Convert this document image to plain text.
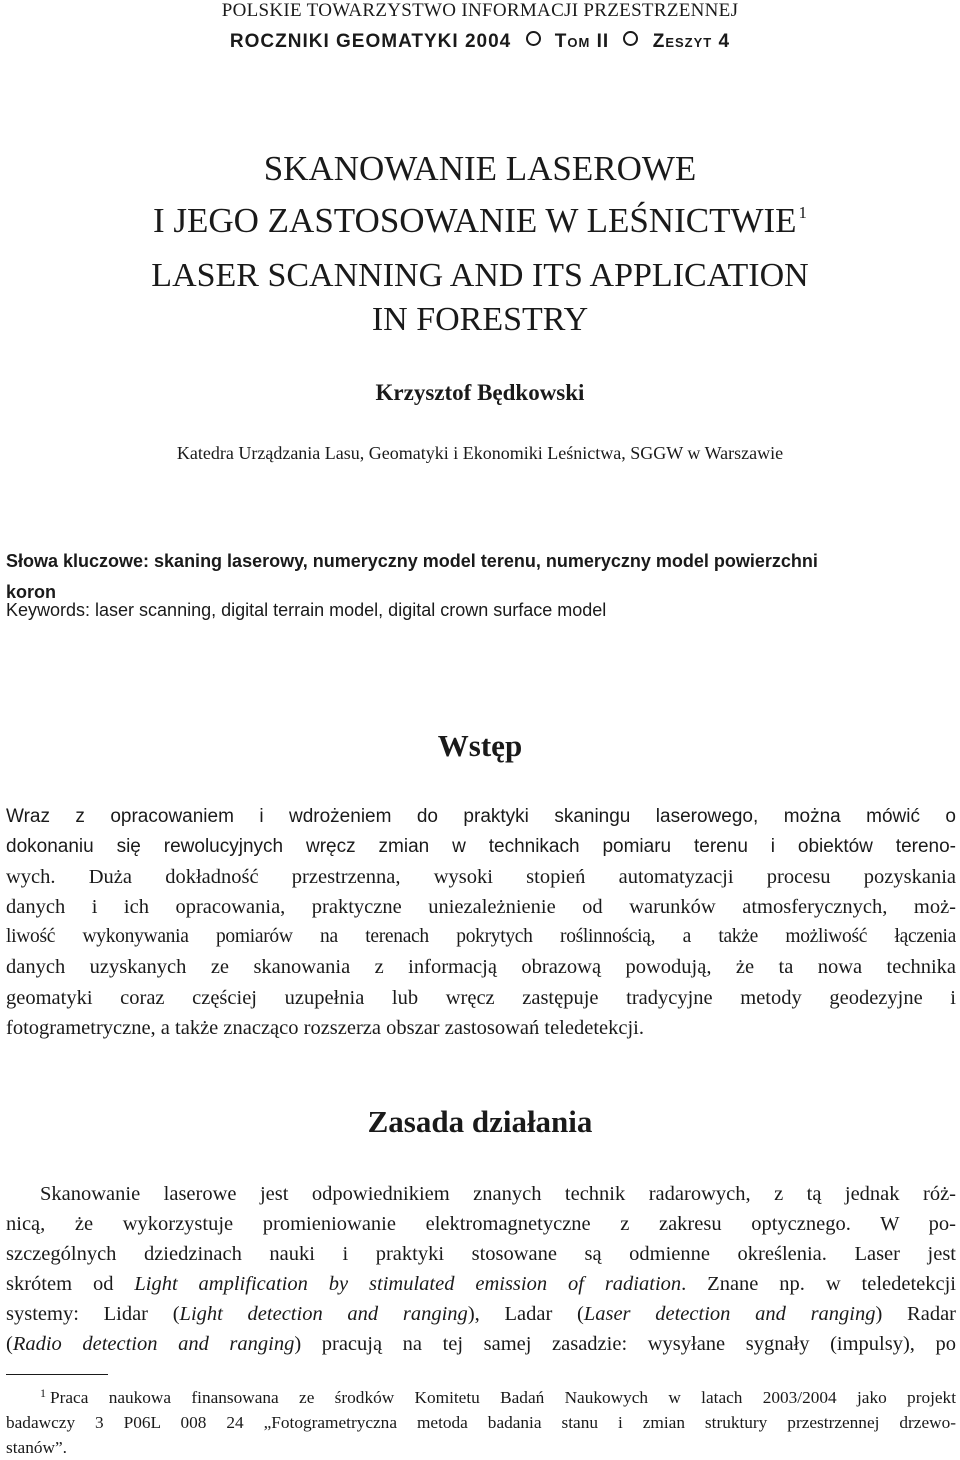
POLSKIE TOWARZYSTWO INFORMACJI PRZESTRZENNEJ
ROCZNIKI GEOMATYKI 2004 Tom II Zeszyt 4
SKANOWANIE LASEROWE
I JEGO ZASTOSOWANIE W LEŚNICTWIE $^1$
LASER SCANNING AND ITS APPLICATION
IN FORESTRY
Krzysztof Będkowski
Katedra Urządzania Lasu, Geomatyki i Ekonomiki Leśnictwa, SGGW w Warszawie
Słowa kluczowe: skaning laserowy, numeryczny model terenu, numeryczny model powierzchni
koron
Keywords: laser scanning, digital terrain model, digital crown surface model
Wstęp
Wraz z opracowaniem i wdrożeniem do praktyki skaningu laserowego, można mówić o
dokonaniu się rewolucyjnych wręcz zmian w technikach pomiaru terenu i obiektów tereno-
wych. Duża dokładność przestrzenna, wysoki stopień automatyzacji procesu pozyskania
danych i ich opracowania, praktyczne uniezależnienie od warunków atmosferycznych, moż-
liwość wykonywania pomiarów na terenach pokrytych roślinnością, a także możliwość łączenia
danych uzyskanych ze skanowania z informacją obrazową powodują, że ta nowa technika
geomatyki coraz częściej uzupełnia lub wręcz zastępuje tradycyjne metody geodezyjne i
fotogrametryczne, a także znacząco rozszerza obszar zastosowań teledetekcji.
Zasada działania
Skanowanie laserowe jest odpowiednikiem znanych technik radarowych, z tą jednak róż-
nicą, że wykorzystuje promieniowanie elektromagnetyczne z zakresu optycznego. W po-
szczególnych dziedzinach nauki i praktyki stosowane są odmienne określenia. Laser jest
skrótem od Light amplification by stimulated emission of radiation. Znane np. w teledetekcji
systemy: Lidar (Light detection and ranging), Ladar (Laser detection and ranging) Radar
(Radio detection and ranging) pracują na tej samej zasadzie: wysyłane sygnały (impulsy), po
$^1$ Praca naukowa finansowana ze środków Komitetu Badań Naukowych w latach 2003/2004 jako projekt
badawczy 3 P06L 008 24 „Fotogrametryczna metoda badania stanu i zmian struktury przestrzennej drzewo-
stanów”.
